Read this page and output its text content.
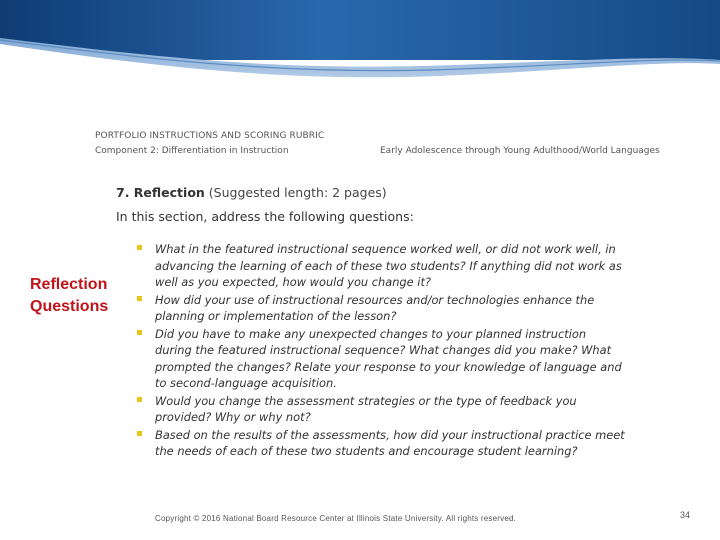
Reflection
Questions
PORTFOLIO INSTRUCTIONS AND SCORING RUBRIC
Component 2: Differentiation in Instruction	Early Adolescence through Young Adulthood/World Languages
7. Reflection (Suggested length: 2 pages)
In this section, address the following questions:
What in the featured instructional sequence worked well, or did not work well, in advancing the learning of each of these two students? If anything did not work as well as you expected, how would you change it?
How did your use of instructional resources and/or technologies enhance the planning or implementation of the lesson?
Did you have to make any unexpected changes to your planned instruction during the featured instructional sequence? What changes did you make? What prompted the changes? Relate your response to your knowledge of language and to second-language acquisition.
Would you change the assessment strategies or the type of feedback you provided? Why or why not?
Based on the results of the assessments, how did your instructional practice meet the needs of each of these two students and encourage student learning?
Copyright © 2016 National Board Resource Center at Illinois State University. All rights reserved.	34
